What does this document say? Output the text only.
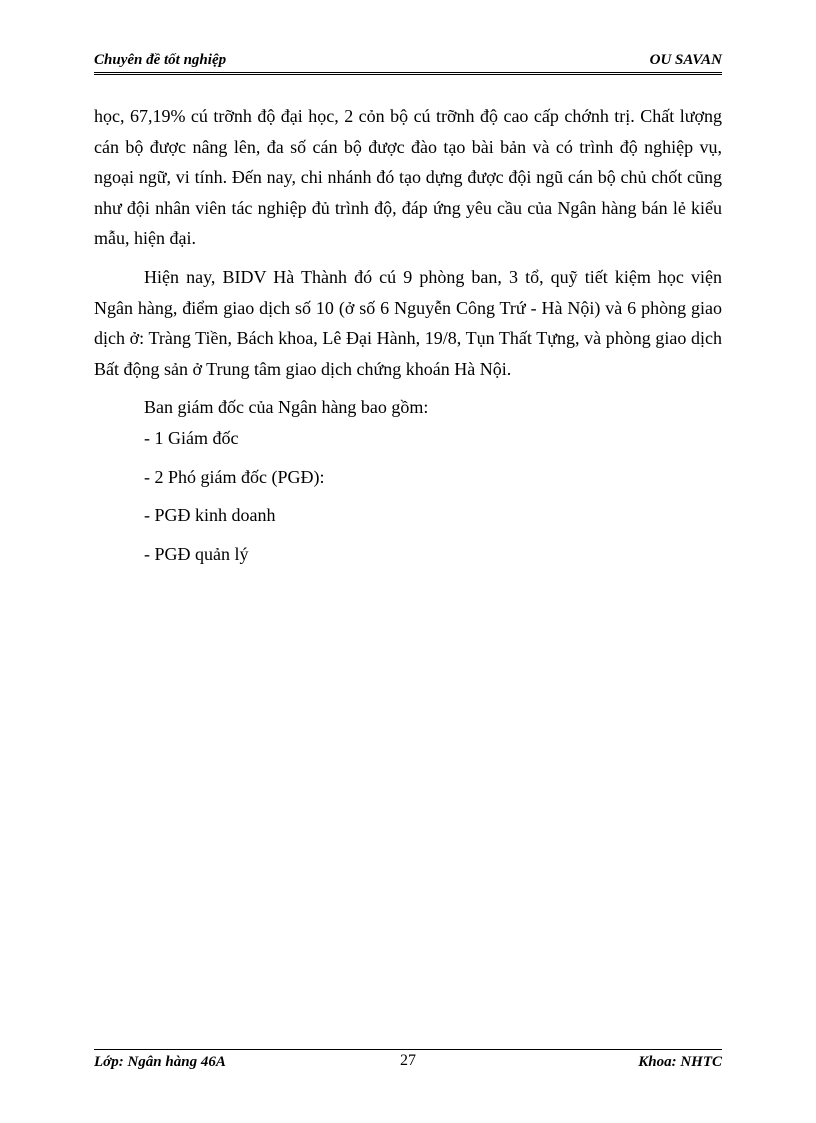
Chuyên đề tốt nghiệp	OU SAVAN

học, 67,19% cú trỡnh độ đại học, 2 cỏn bộ cú trỡnh độ cao cấp chớnh trị. Chất lượng cán bộ được nâng lên, đa số cán bộ được đào tạo bài bản và có trình độ nghiệp vụ, ngoại ngữ, vi tính. Đến nay, chi nhánh đó tạo dựng được đội ngũ cán bộ chủ chốt cũng như đội nhân viên tác nghiệp đủ trình độ, đáp ứng yêu cầu của Ngân hàng bán lẻ kiểu mẫu, hiện đại.

Hiện nay, BIDV Hà Thành đó cú 9 phòng ban, 3 tổ, quỹ tiết kiệm học viện Ngân hàng, điểm giao dịch số 10 (ở số 6 Nguyễn Công Trứ - Hà Nội) và 6 phòng giao dịch ở: Tràng Tiền, Bách khoa, Lê Đại Hành, 19/8, Tụn Thất Tựng, và phòng giao dịch Bất động sản ở Trung tâm giao dịch chứng khoán Hà Nội.

Ban giám đốc của Ngân hàng bao gồm:

- 1 Giám đốc

- 2 Phó giám đốc (PGĐ):

- PGĐ kinh doanh

- PGĐ quản lý

Lớp: Ngân hàng 46A	27	Khoa: NHTC
